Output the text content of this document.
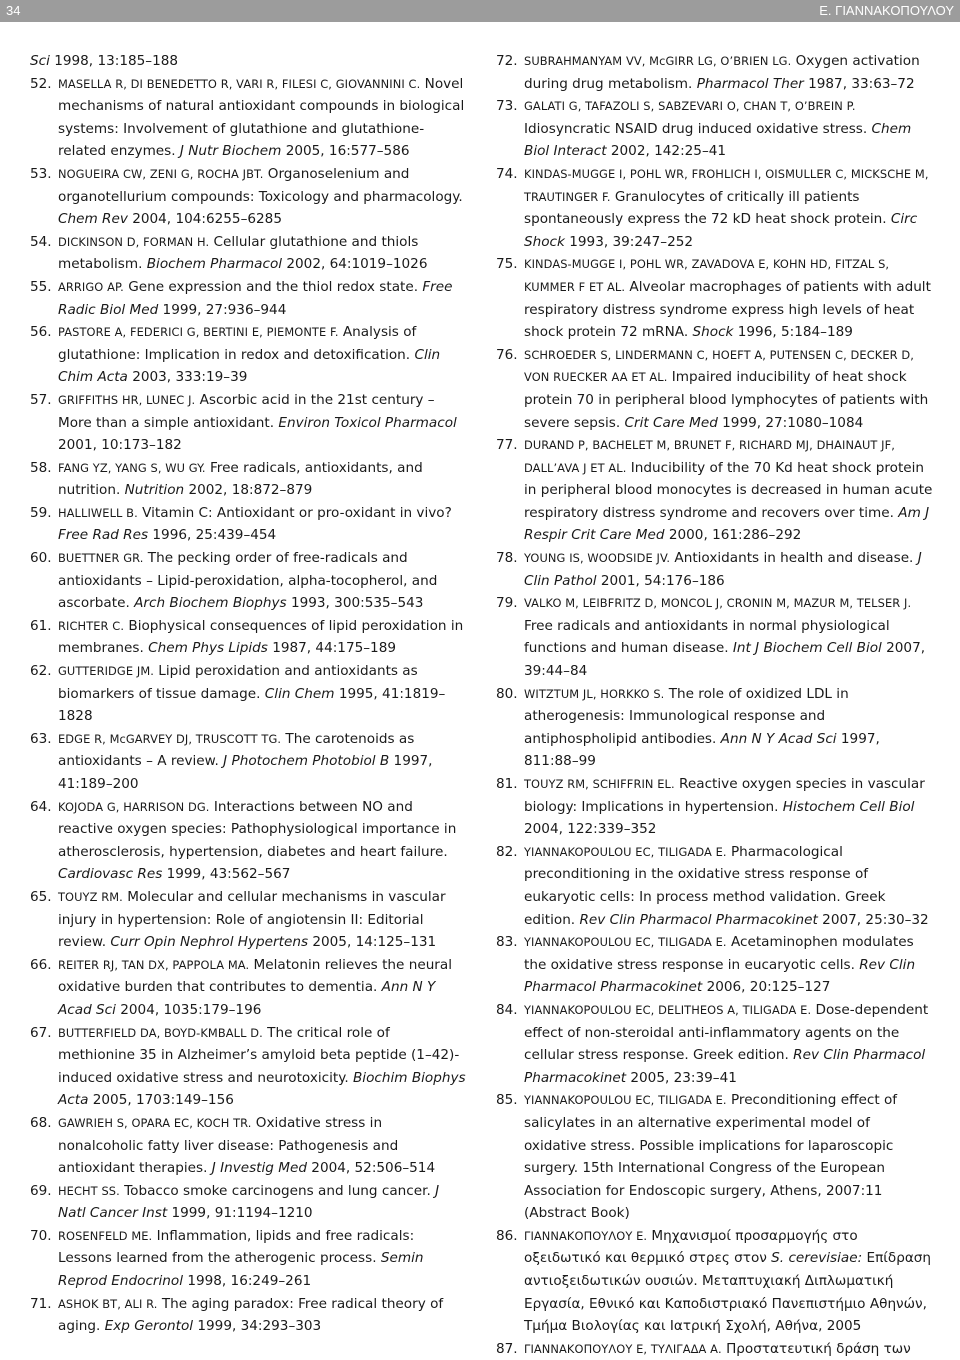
34	Ε. ΓΙΑΝΝΑΚΟΠΟΥΛΟΥ
Sci 1998, 13:185–188
52. MASELLA R, DI BENEDETTO R, VARI R, FILESI C, GIOVANNINI C. Novel mechanisms of natural antioxidant compounds in biological systems: Involvement of glutathione and glutathione-related enzymes. J Nutr Biochem 2005, 16:577–586
53. NOGUEIRA CW, ZENI G, ROCHA JBT. Organoselenium and organotellurium compounds: Toxicology and pharmacology. Chem Rev 2004, 104:6255–6285
54. DICKINSON D, FORMAN H. Cellular glutathione and thiols metabolism. Biochem Pharmacol 2002, 64:1019–1026
55. ARRIGO AP. Gene expression and the thiol redox state. Free Radic Biol Med 1999, 27:936–944
56. PASTORE A, FEDERICI G, BERTINI E, PIEMONTE F. Analysis of glutathione: Implication in redox and detoxification. Clin Chim Acta 2003, 333:19–39
57. GRIFFITHS HR, LUNEC J. Ascorbic acid in the 21st century – More than a simple antioxidant. Environ Toxicol Pharmacol 2001, 10:173–182
58. FANG YZ, YANG S, WU GY. Free radicals, antioxidants, and nutrition. Nutrition 2002, 18:872–879
59. HALLIWELL B. Vitamin C: Antioxidant or pro-oxidant in vivo? Free Rad Res 1996, 25:439–454
60. BUETTNER GR. The pecking order of free-radicals and antioxidants – Lipid-peroxidation, alpha-tocopherol, and ascorbate. Arch Biochem Biophys 1993, 300:535–543
61. RICHTER C. Biophysical consequences of lipid peroxidation in membranes. Chem Phys Lipids 1987, 44:175–189
62. GUTTERIDGE JM. Lipid peroxidation and antioxidants as biomarkers of tissue damage. Clin Chem 1995, 41:1819–1828
63. EDGE R, McGARVEY DJ, TRUSCOTT TG. The carotenoids as antioxidants – A review. J Photochem Photobiol B 1997, 41:189–200
64. KOJODA G, HARRISON DG. Interactions between NO and reactive oxygen species: Pathophysiological importance in atherosclerosis, hypertension, diabetes and heart failure. Cardiovasc Res 1999, 43:562–567
65. TOUYZ RM. Molecular and cellular mechanisms in vascular injury in hypertension: Role of angiotensin II: Editorial review. Curr Opin Nephrol Hypertens 2005, 14:125–131
66. REITER RJ, TAN DX, PAPPOLA MA. Melatonin relieves the neural oxidative burden that contributes to dementia. Ann N Y Acad Sci 2004, 1035:179–196
67. BUTTERFIELD DA, BOYD-KMBALL D. The critical role of methionine 35 in Alzheimer’s amyloid beta peptide (1–42)-induced oxidative stress and neurotoxicity. Biochim Biophys Acta 2005, 1703:149–156
68. GAWRIEH S, OPARA EC, KOCH TR. Oxidative stress in nonalcoholic fatty liver disease: Pathogenesis and antioxidant therapies. J Investig Med 2004, 52:506–514
69. HECHT SS. Tobacco smoke carcinogens and lung cancer. J Natl Cancer Inst 1999, 91:1194–1210
70. ROSENFELD ME. Inflammation, lipids and free radicals: Lessons learned from the atherogenic process. Semin Reprod Endocrinol 1998, 16:249–261
71. ASHOK BT, ALI R. The aging paradox: Free radical theory of aging. Exp Gerontol 1999, 34:293–303
72. SUBRAHMANYAM VV, McGIRR LG, O’BRIEN LG. Oxygen activation during drug metabolism. Pharmacol Ther 1987, 33:63–72
73. GALATI G, TAFAZOLI S, SABZEVARI O, CHAN T, O’BREIN P. Idiosyncratic NSAID drug induced oxidative stress. Chem Biol Interact 2002, 142:25–41
74. KINDAS-MUGGE I, POHL WR, FROHLICH I, OISMULLER C, MICKSCHE M, TRAUTINGER F. Granulocytes of critically ill patients spontaneously express the 72 kD heat shock protein. Circ Shock 1993, 39:247–252
75. KINDAS-MUGGE I, POHL WR, ZAVADOVA E, KOHN HD, FITZAL S, KUMMER F ET AL. Alveolar macrophages of patients with adult respiratory distress syndrome express high levels of heat shock protein 72 mRNA. Shock 1996, 5:184–189
76. SCHROEDER S, LINDERMANN C, HOEFT A, PUTENSEN C, DECKER D, VON RUECKER AA ET AL. Impaired inducibility of heat shock protein 70 in peripheral blood lymphocytes of patients with severe sepsis. Crit Care Med 1999, 27:1080–1084
77. DURAND P, BACHELET M, BRUNET F, RICHARD MJ, DHAINAUT JF, DALL’AVA J ET AL. Inducibility of the 70 Kd heat shock protein in peripheral blood monocytes is decreased in human acute respiratory distress syndrome and recovers over time. Am J Respir Crit Care Med 2000, 161:286–292
78. YOUNG IS, WOODSIDE JV. Antioxidants in health and disease. J Clin Pathol 2001, 54:176–186
79. VALKO M, LEIBFRITZ D, MONCOL J, CRONIN M, MAZUR M, TELSER J. Free radicals and antioxidants in normal physiological functions and human disease. Int J Biochem Cell Biol 2007, 39:44–84
80. WITZTUM JL, HORKKO S. The role of oxidized LDL in atherogenesis: Immunological response and antiphospholipid antibodies. Ann N Y Acad Sci 1997, 811:88–99
81. TOUYZ RM, SCHIFFRIN EL. Reactive oxygen species in vascular biology: Implications in hypertension. Histochem Cell Biol 2004, 122:339–352
82. YIANNAKOPOULOU EC, TILIGADA E. Pharmacological preconditioning in the oxidative stress response of eukaryotic cells: In process method validation. Greek edition. Rev Clin Pharmacol Pharmacokinet 2007, 25:30–32
83. YIANNAKOPOULOU EC, TILIGADA E. Acetaminophen modulates the oxidative stress response in eucaryotic cells. Rev Clin Pharmacol Pharmacokinet 2006, 20:125–127
84. YIANNAKOPOULOU EC, DELITHEOS A, TILIGADA E. Dose-dependent effect of non-steroidal anti-inflammatory agents on the cellular stress response. Greek edition. Rev Clin Pharmacol Pharmacokinet 2005, 23:39–41
85. YIANNAKOPOULOU EC, TILIGADA E. Preconditioning effect of salicylates in an alternative experimental model of oxidative stress. Possible implications for laparoscopic surgery. 15th International Congress of the European Association for Endoscopic surgery, Athens, 2007:11 (Abstract Book)
86. ΓΙΑΝΝΑΚΟΠΟΥΛΟΥ Ε. Μηχανισμοί προσαρμογής στο οξειδωτικό και θερμικό στρες στον S. cerevisiae: Επίδραση αντιοξειδωτικών ουσιών. Μεταπτυχιακή Διπλωματική Εργασία, Εθνικό και Καποδιστριακό Πανεπιστήμιο Αθηνών, Τμήμα Βιολογίας και Ιατρική Σχολή, Αθήνα, 2005
87. ΓΙΑΝΝΑΚΟΠΟΥΛΟΥ Ε, ΤΥΛΙΓΑΔΑ Α. Προστατευτική δράση των
